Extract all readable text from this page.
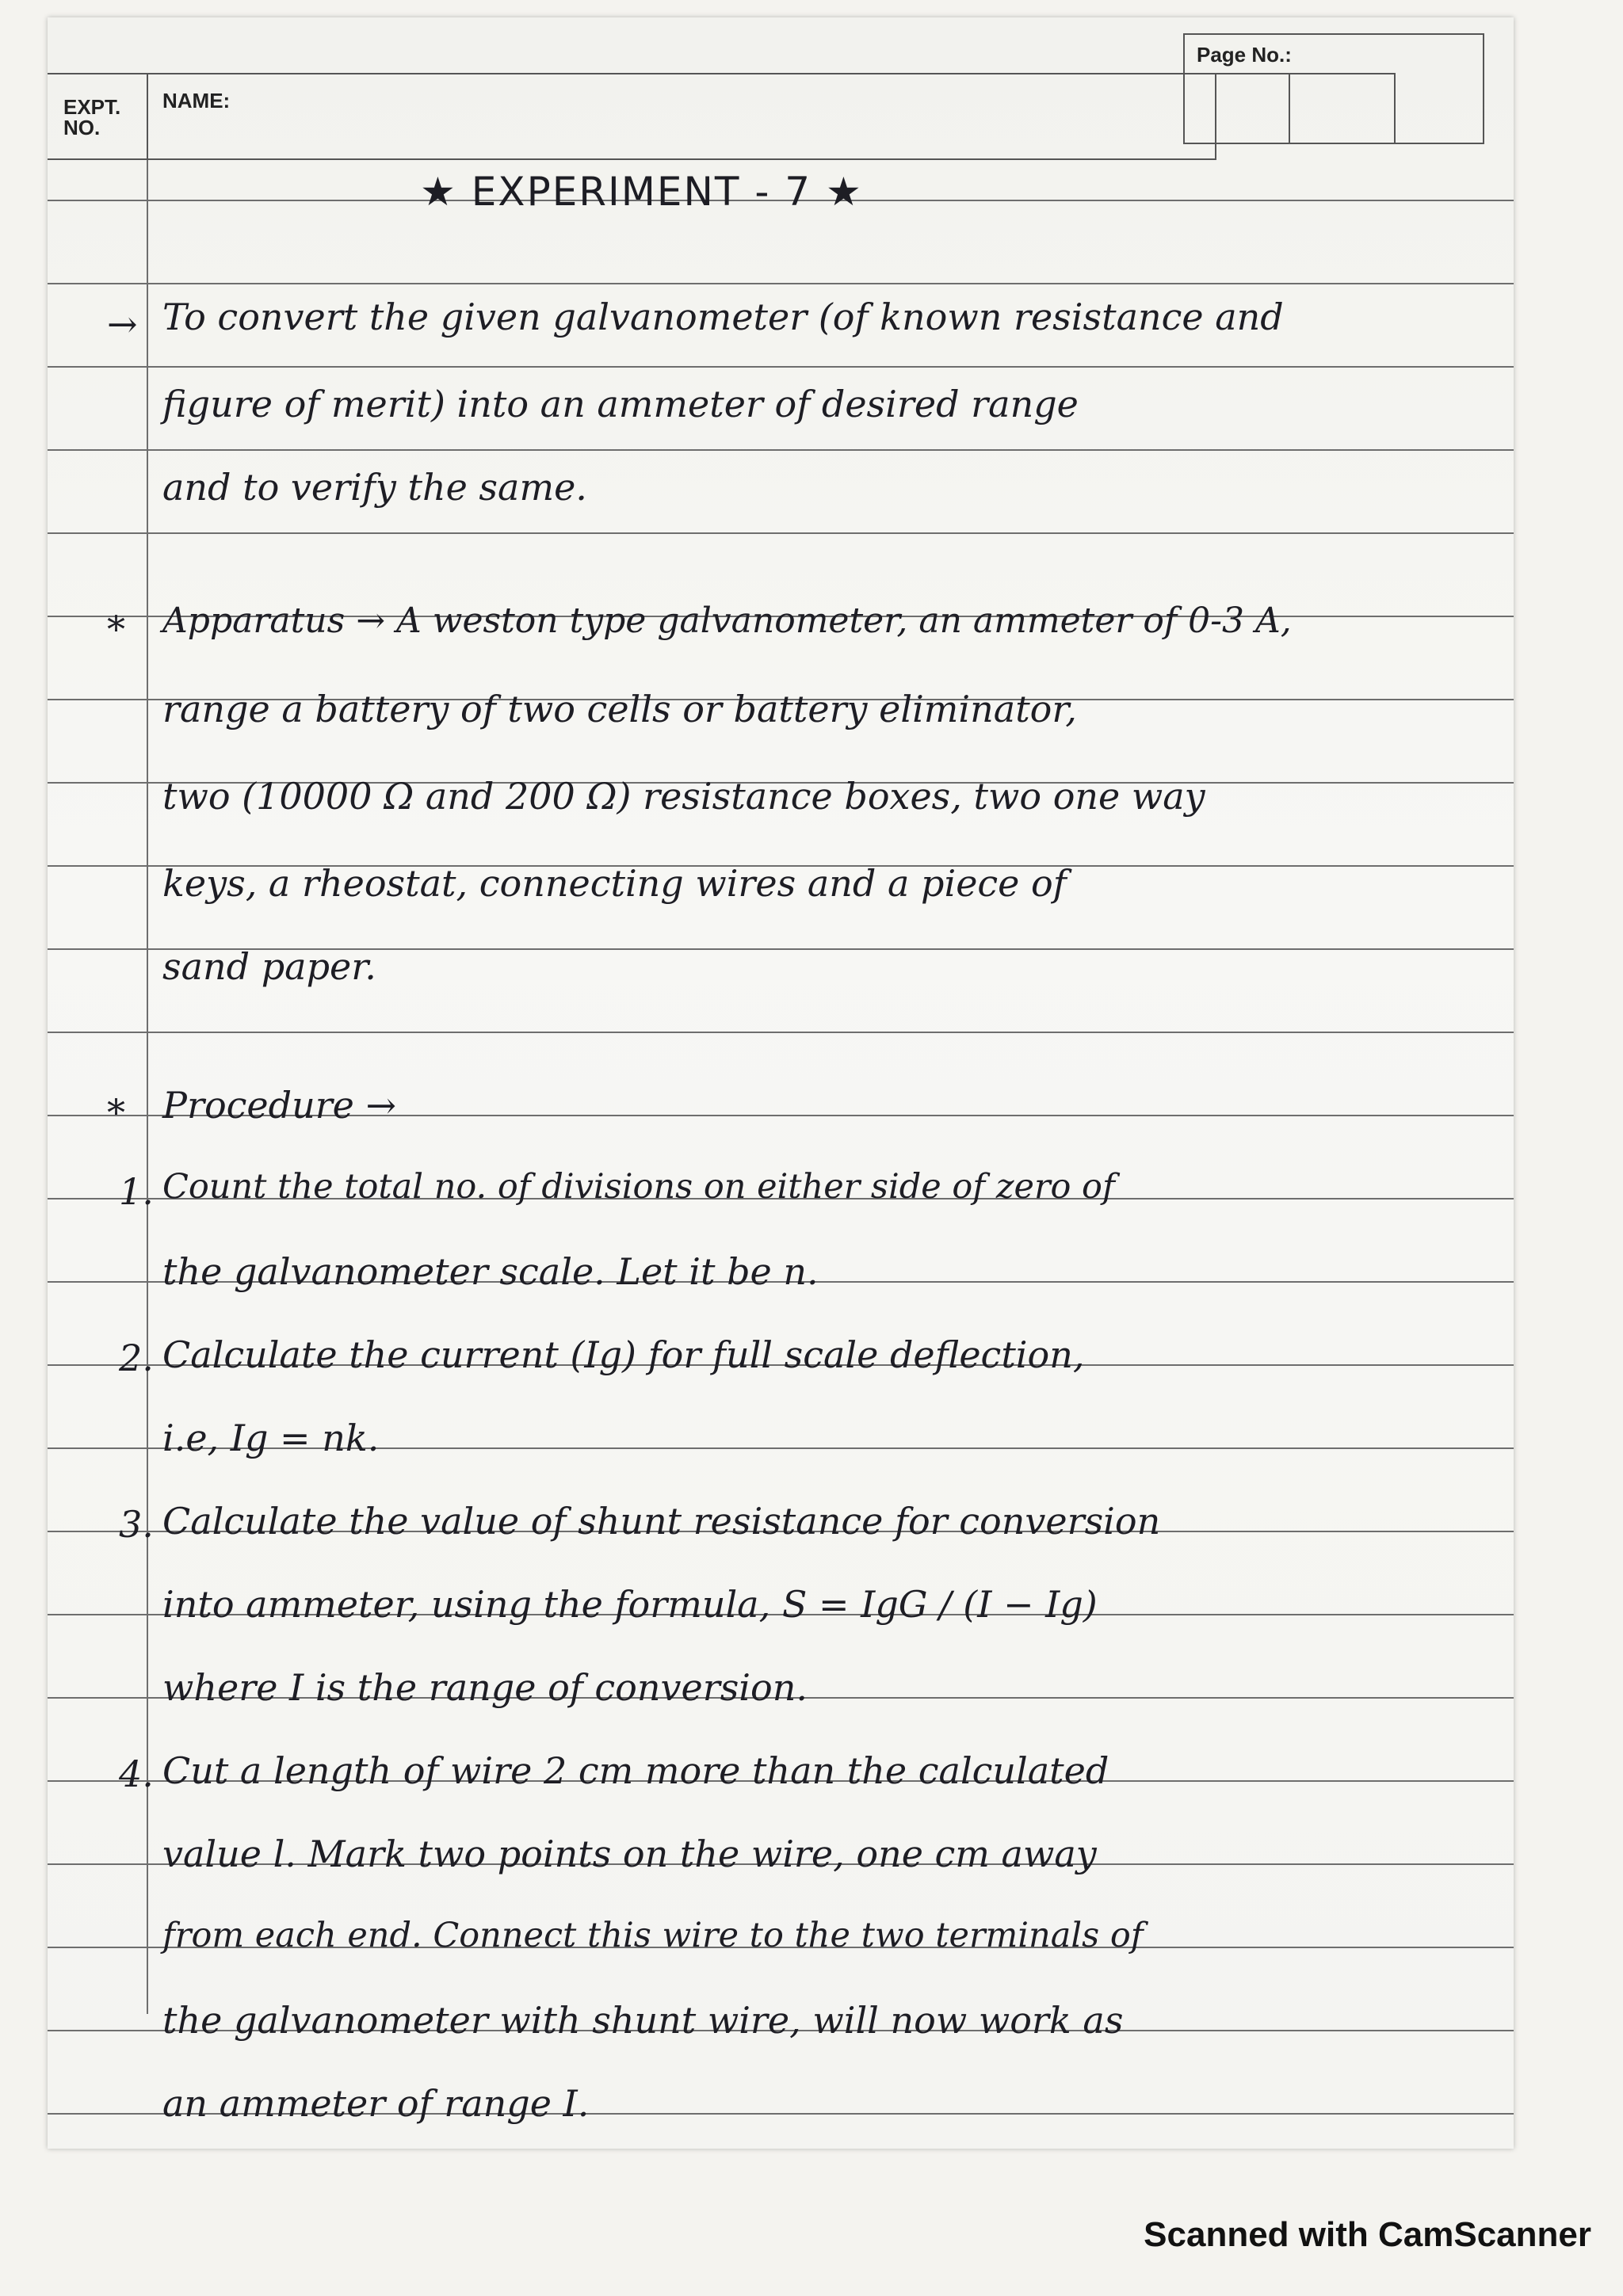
EXPT. NO.
NAME:
Page No.:
★ EXPERIMENT - 7 ★
→ To convert the given galvanometer (of known resistance and
figure of merit) into an ammeter of desired range
and to verify the same.
* Apparatus → A weston type galvanometer, an ammeter of 0-3 A,
range a battery of two cells or battery eliminator,
two (10000 Ω and 200 Ω) resistance boxes, two one way
keys, a rheostat, connecting wires and a piece of
sand paper.
* Procedure →
1. Count the total no. of divisions on either side of zero of
the galvanometer scale. Let it be n.
2. Calculate the current (Ig) for full scale deflection,
i.e, Ig = nk.
3. Calculate the value of shunt resistance for conversion
into ammeter, using the formula, S = IgG / (I − Ig)
where I is the range of conversion.
4. Cut a length of wire 2 cm more than the calculated
value l. Mark two points on the wire, one cm away
from each end. Connect this wire to the two terminals of
the galvanometer with shunt wire, will now work as
an ammeter of range I.
Scanned with CamScanner
